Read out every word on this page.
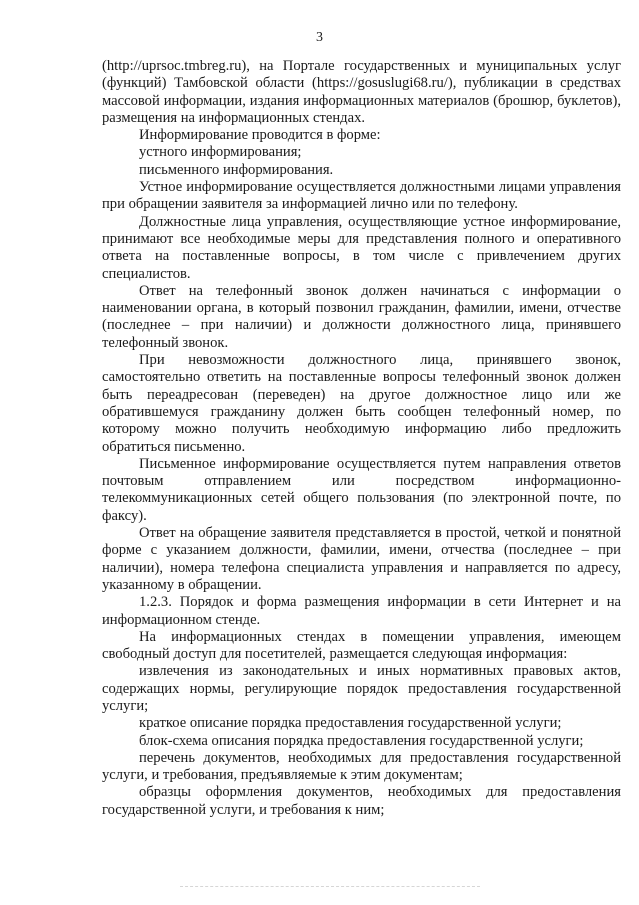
3

(http://uprsoc.tmbreg.ru), на Портале государственных и муниципальных услуг (функций) Тамбовской области (https://gosuslugi68.ru/), публикации в средствах массовой информации, издания информационных материалов (брошюр, буклетов), размещения на информационных стендах.

Информирование проводится в форме:

устного информирования;

письменного информирования.

Устное информирование осуществляется должностными лицами управления при обращении заявителя за информацией лично или по телефону.

Должностные лица управления, осуществляющие устное информирование, принимают все необходимые меры для представления полного и оперативного ответа на поставленные вопросы, в том числе с привлечением других специалистов.

Ответ на телефонный звонок должен начинаться с информации о наименовании органа, в который позвонил гражданин, фамилии, имени, отчестве (последнее – при наличии) и должности должностного лица, принявшего телефонный звонок.

При невозможности должностного лица, принявшего звонок, самостоятельно ответить на поставленные вопросы телефонный звонок должен быть переадресован (переведен) на другое должностное лицо или же обратившемуся гражданину должен быть сообщен телефонный номер, по которому можно получить необходимую информацию либо предложить обратиться письменно.

Письменное информирование осуществляется путем направления ответов почтовым отправлением или посредством информационно-телекоммуникационных сетей общего пользования (по электронной почте, по факсу).

Ответ на обращение заявителя представляется в простой, четкой и понятной форме с указанием должности, фамилии, имени, отчества (последнее – при наличии), номера телефона специалиста управления и направляется по адресу, указанному в обращении.

1.2.3. Порядок и форма размещения информации в сети Интернет и на информационном стенде.

На информационных стендах в помещении управления, имеющем свободный доступ для посетителей, размещается следующая информация:

извлечения из законодательных и иных нормативных правовых актов, содержащих нормы, регулирующие порядок предоставления государственной услуги;

краткое описание порядка предоставления государственной услуги;

блок-схема описания порядка предоставления государственной услуги;

перечень документов, необходимых для предоставления государственной услуги, и требования, предъявляемые к этим документам;

образцы оформления документов, необходимых для предоставления государственной услуги, и требования к ним;
